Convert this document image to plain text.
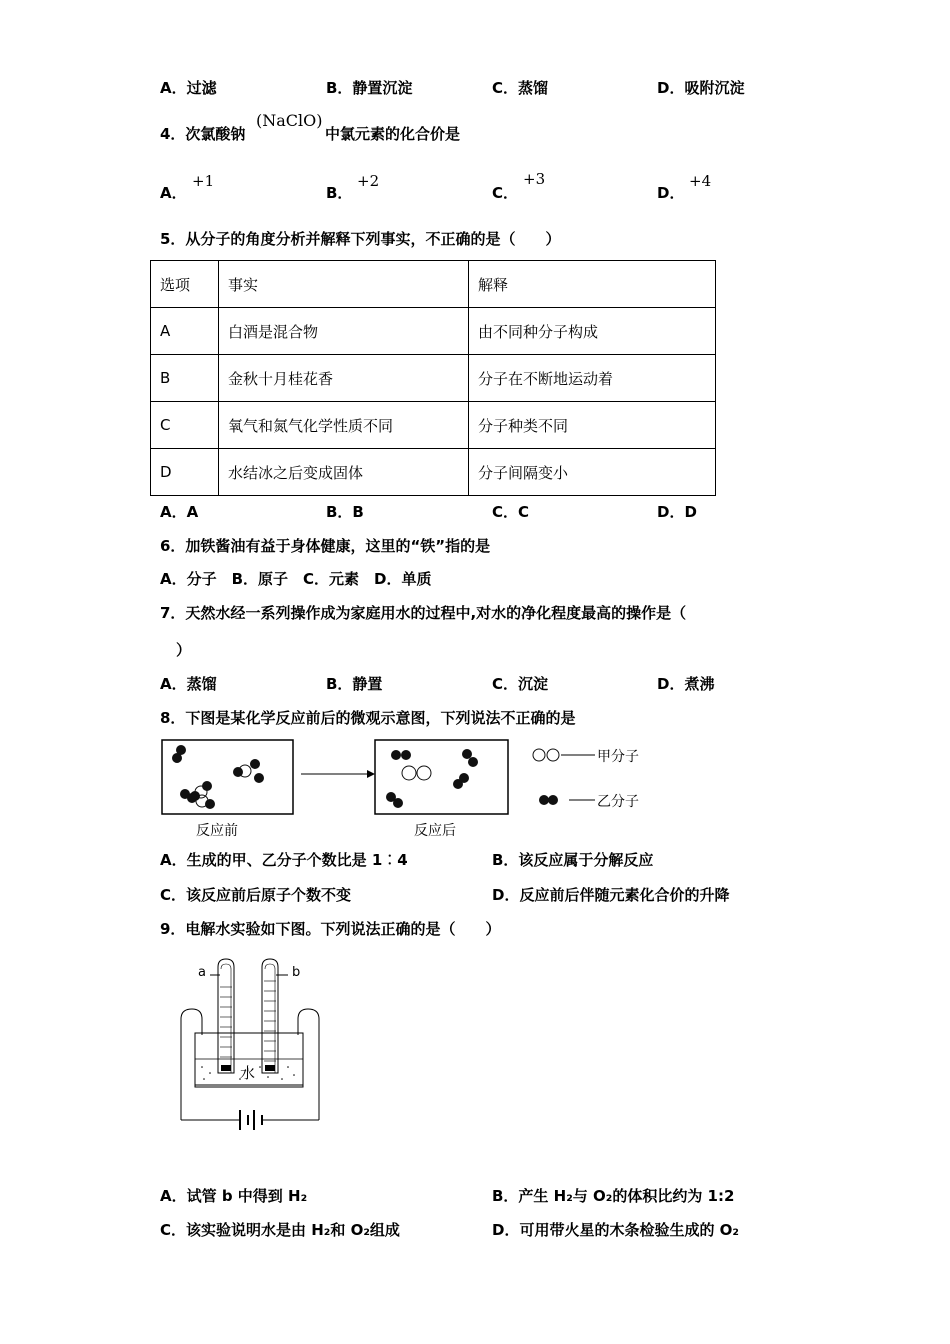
A．过滤	B．静置沉淀	C．蒸馏	D．吸附沉淀
4．次氯酸钠
(NaClO)
中氯元素的化合价是
A．
+1
B．
+2
C．
+3
D．
+4
5．从分子的角度分析并解释下列事实，不正确的是（　　）
选项	事实	解释
A	白酒是混合物	由不同种分子构成
B	金秋十月桂花香	分子在不断地运动着
C	氧气和氮气化学性质不同	分子种类不同
D	水结冰之后变成固体	分子间隔变小
A．A	B．B	C．C	D．D
6．加铁酱油有益于身体健康，这里的“铁”指的是
A．分子　B．原子　C．元素　D．单质
7．天然水经一系列操作成为家庭用水的过程中,对水的净化程度最高的操作是（
）
A．蒸馏	B．静置	C．沉淀	D．煮沸
8．下图是某化学反应前后的微观示意图，下列说法不正确的是
反应前	反应后
甲分子
乙分子
A．生成的甲、乙分子个数比是 1︰4	B．该反应属于分解反应
C．该反应前后原子个数不变	D．反应前后伴随元素化合价的升降
9．电解水实验如下图。下列说法正确的是（　　）
a	b
水
A．试管 b 中得到 H₂	B．产生 H₂与 O₂的体积比约为 1:2
C．该实验说明水是由 H₂和 O₂组成	D．可用带火星的木条检验生成的 O₂
